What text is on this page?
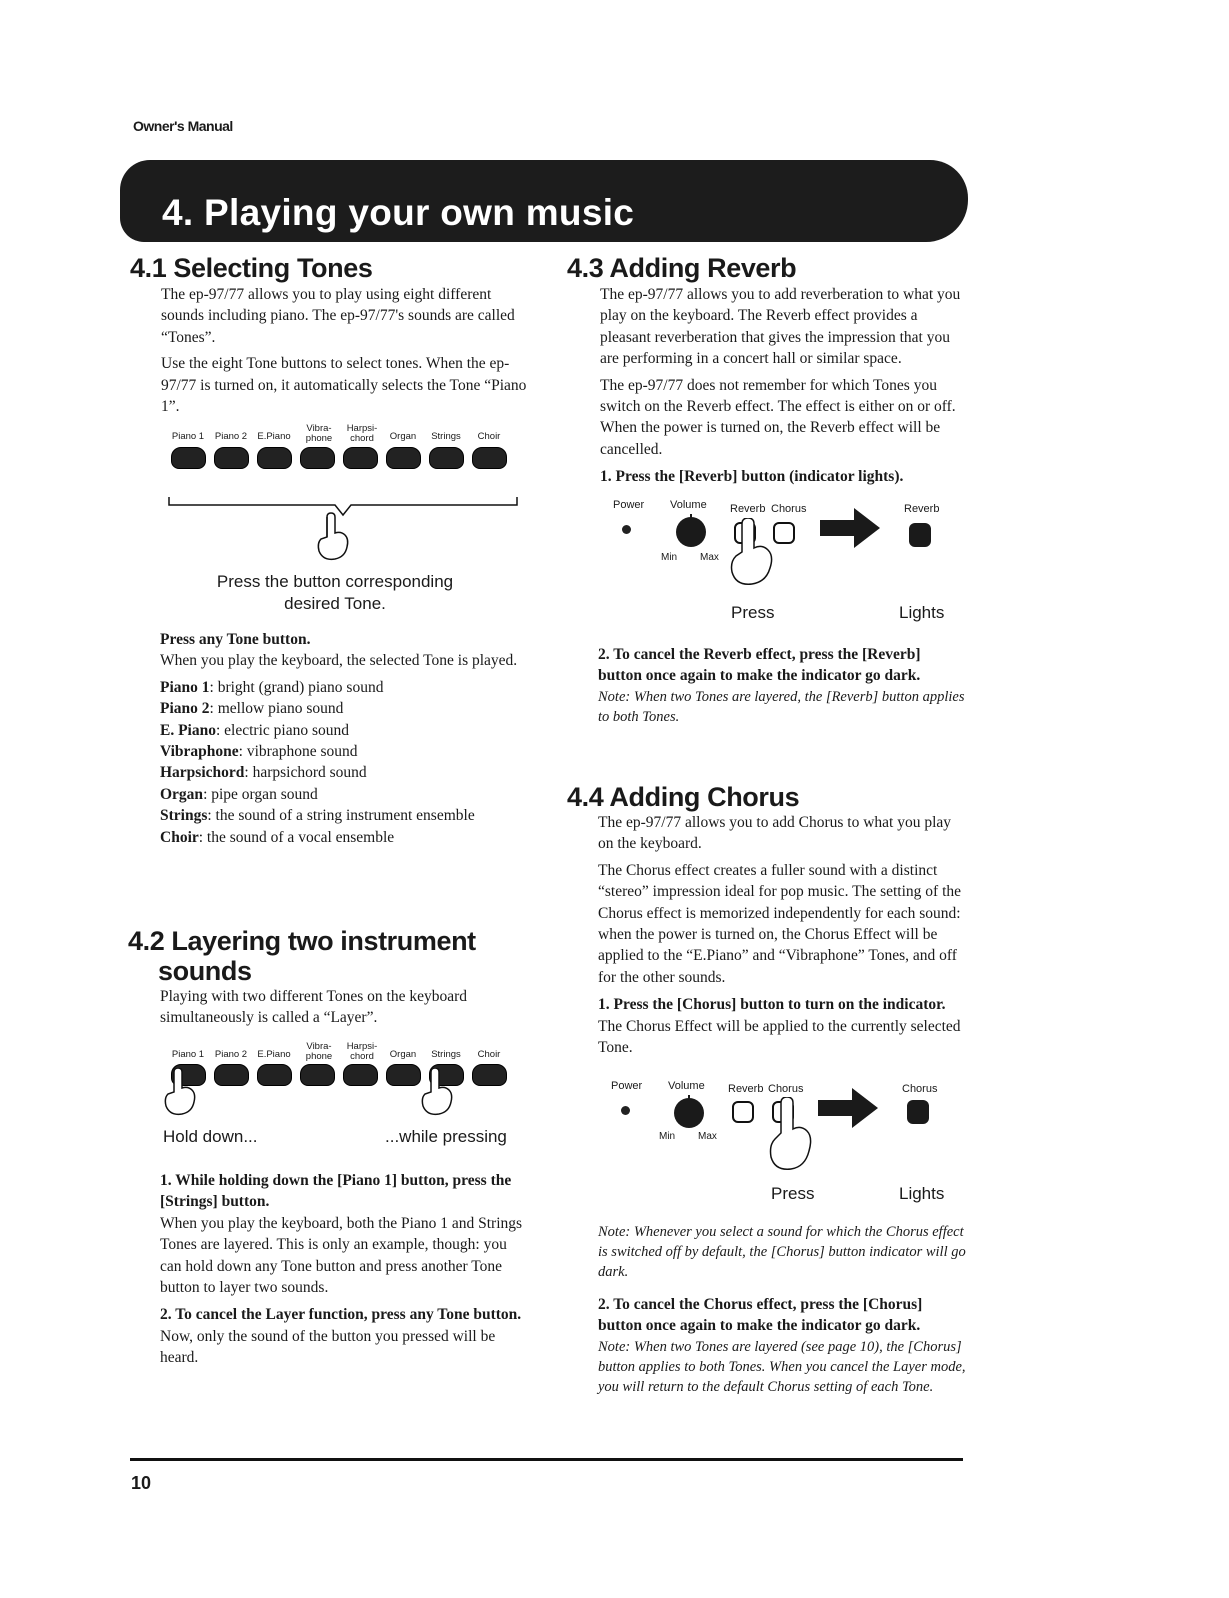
Owner's Manual
4. Playing your own music
4.1 Selecting Tones

The ep-97/77 allows you to play using eight different sounds including piano. The ep-97/77's sounds are called “Tones”.

Use the eight Tone buttons to select tones. When the ep-97/77 is turned on, it automatically selects the Tone “Piano 1”.

Piano 1	Piano 2	E.Piano
Vibra-phone
Harpsi-chord	Organ	Strings	Choir
Press the button corresponding
desired Tone.
Press any Tone button.

When you play the keyboard, the selected Tone is played.

Piano 1: bright (grand) piano sound
Piano 2: mellow piano sound
E. Piano: electric piano sound
Vibraphone: vibraphone sound
Harpsichord: harpsichord sound
Organ: pipe organ sound
Strings: the sound of a string instrument ensemble
Choir: the sound of a vocal ensemble
4.2 Layering two instrument
sounds

Playing with two different Tones on the keyboard simultaneously is called a “Layer”.

Piano 1	Piano 2	E.Piano
Vibra-phone
Harpsi-chord	Organ	Strings	Choir
Hold down...	...while pressing
1. While holding down the [Piano 1] button, press the [Strings] button.

When you play the keyboard, both the Piano 1 and Strings Tones are layered. This is only an example, though: you can hold down any Tone button and press another Tone button to layer two sounds.

2. To cancel the Layer function, press any Tone button.

Now, only the sound of the button you pressed will be heard.

4.3 Adding Reverb

The ep-97/77 allows you to add reverberation to what you play on the keyboard. The Reverb effect provides a pleasant reverberation that gives the impression that you are performing in a concert hall or similar space.

The ep-97/77 does not remember for which Tones you switch on the Reverb effect. The effect is either on or off. When the power is turned on, the Reverb effect will be cancelled.

1. Press the [Reverb] button (indicator lights).
Power Volume Reverb Chorus	Reverb
Min Max
Press	Lights
2. To cancel the Reverb effect, press the [Reverb] button once again to make the indicator go dark.
Note: When two Tones are layered, the [Reverb] button applies to both Tones.
4.4 Adding Chorus

The ep-97/77 allows you to add Chorus to what you play on the keyboard.

The Chorus effect creates a fuller sound with a distinct “stereo” impression ideal for pop music. The setting of the Chorus effect is memorized independently for each sound: when the power is turned on, the Chorus Effect will be applied to the “E.Piano” and “Vibraphone” Tones, and off for the other sounds.

1. Press the [Chorus] button to turn on the indicator.

The Chorus Effect will be applied to the currently selected Tone.

Power Volume Reverb Chorus	Chorus
Min Max
Press	Lights
Note: Whenever you select a sound for which the Chorus effect is switched off by default, the [Chorus] button indicator will go dark.
2. To cancel the Chorus effect, press the [Chorus] button once again to make the indicator go dark.
Note: When two Tones are layered (see page 10), the [Chorus] button applies to both Tones. When you cancel the Layer mode, you will return to the default Chorus setting of each Tone.
10
